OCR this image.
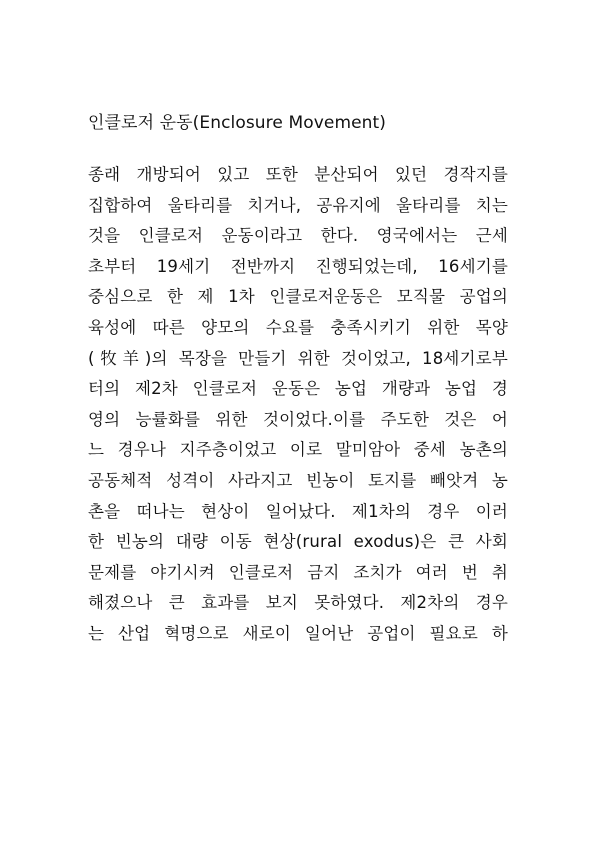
인클로저 운동(Enclosure Movement)
종래 개방되어 있고 또한 분산되어 있던 경작지를
집합하여 울타리를 치거나, 공유지에 울타리를 치는
것을 인클로저 운동이라고 한다. 영국에서는 근세
초부터 19세기 전반까지 진행되었는데, 16세기를
중심으로 한 제 1차 인클로저운동은 모직물 공업의
육성에 따른 양모의 수요를 충족시키기 위한 목양
(牧羊)의 목장을 만들기 위한 것이었고, 18세기로부
터의 제2차 인클로저 운동은 농업 개량과 농업 경
영의 능률화를 위한 것이었다.이를 주도한 것은 어
느 경우나 지주층이었고 이로 말미암아 중세 농촌의
공동체적 성격이 사라지고 빈농이 토지를 빼앗겨 농
촌을 떠나는 현상이 일어났다. 제1차의 경우 이러
한 빈농의 대량 이동 현상(rural exodus)은 큰 사회
문제를 야기시켜 인클로저 금지 조치가 여러 번 취
해졌으나 큰 효과를 보지 못하였다. 제2차의 경우
는 산업 혁명으로 새로이 일어난 공업이 필요로 하
